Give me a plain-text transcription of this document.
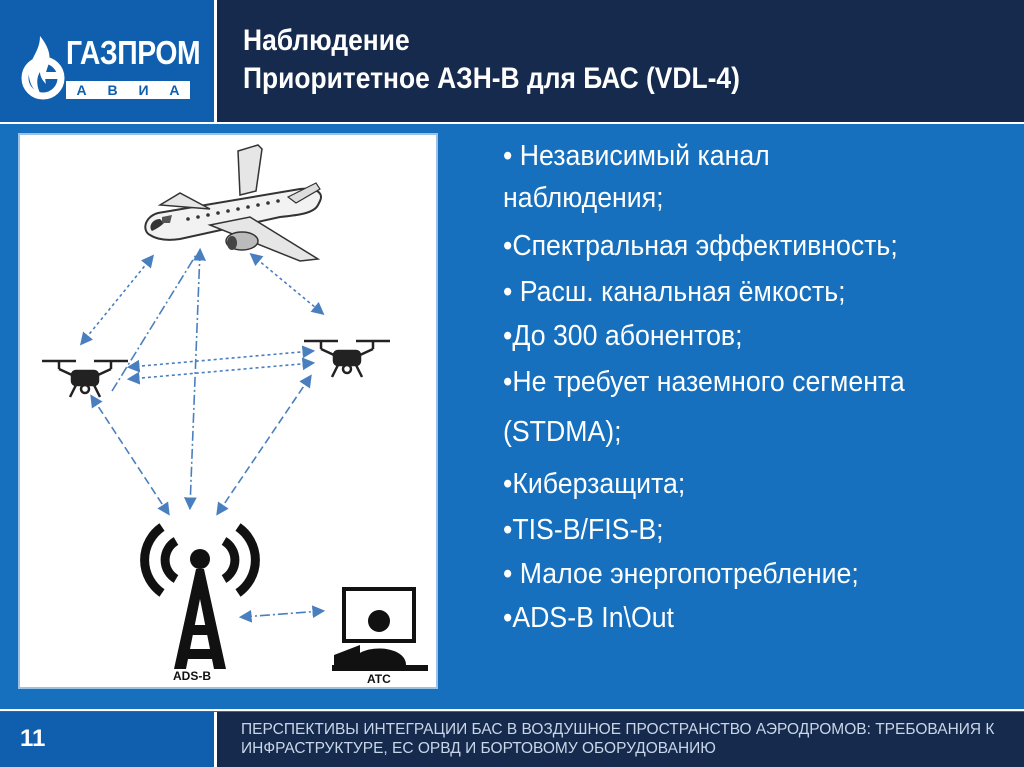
ГАЗПРОМ
А В И А
Наблюдение
Приоритетное АЗН-В для БАС (VDL-4)
ADS-B	ATC
• Независимый канал
наблюдения;
•Спектральная эффективность;
• Расш. канальная ёмкость;
•До 300 абонентов;
•Не требует наземного сегмента
(STDMA);
•Киберзащита;
•TIS-B/FIS-B;
• Малое энергопотребление;
•ADS-B In\Out
11	ПЕРСПЕКТИВЫ ИНТЕГРАЦИИ БАС В ВОЗДУШНОЕ ПРОСТРАНСТВО АЭРОДРОМОВ: ТРЕБОВАНИЯ К ИНФРАСТРУКТУРЕ, ЕС ОРВД И БОРТОВОМУ ОБОРУДОВАНИЮ
